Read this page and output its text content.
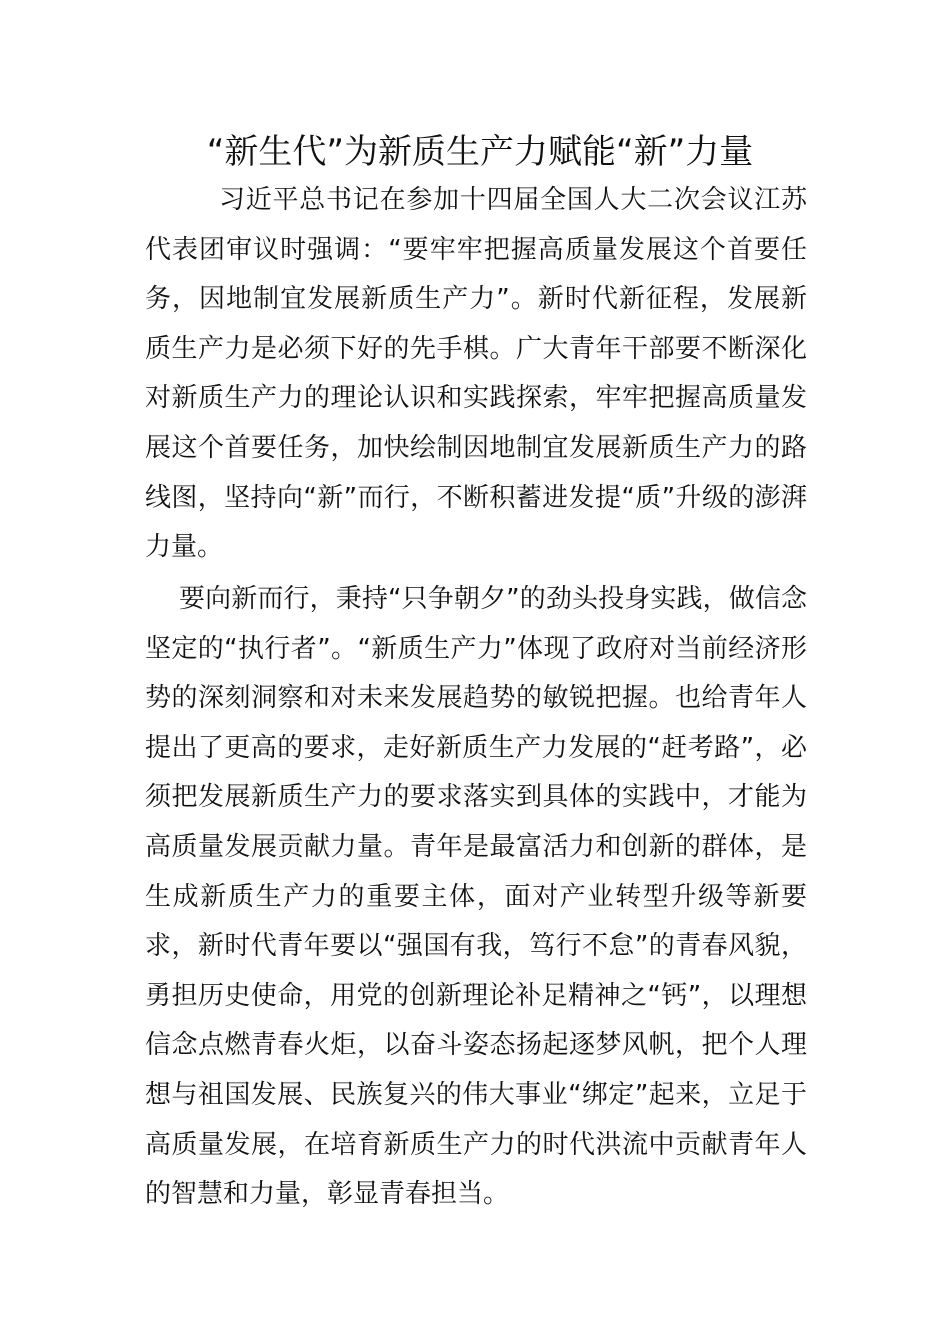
“新生代”为新质生产力赋能“新”力量

习近平总书记在参加十四届全国人大二次会议江苏代表团审议时强调：“要牢牢把握高质量发展这个首要任务，因地制宜发展新质生产力”。新时代新征程，发展新质生产力是必须下好的先手棋。广大青年干部要不断深化对新质生产力的理论认识和实践探索，牢牢把握高质量发展这个首要任务，加快绘制因地制宜发展新质生产力的路线图，坚持向“新”而行，不断积蓄进发提“质”升级的澎湃力量。

要向新而行，秉持“只争朝夕”的劲头投身实践，做信念坚定的“执行者”。“新质生产力”体现了政府对当前经济形势的深刻洞察和对未来发展趋势的敏锐把握。也给青年人提出了更高的要求，走好新质生产力发展的“赶考路”，必须把发展新质生产力的要求落实到具体的实践中，才能为高质量发展贡献力量。青年是最富活力和创新的群体，是生成新质生产力的重要主体，面对产业转型升级等新要求，新时代青年要以“强国有我，笃行不怠”的青春风貌，勇担历史使命，用党的创新理论补足精神之“钙”，以理想信念点燃青春火炬，以奋斗姿态扬起逐梦风帆，把个人理想与祖国发展、民族复兴的伟大事业“绑定”起来，立足于高质量发展，在培育新质生产力的时代洪流中贡献青年人的智慧和力量，彰显青春担当。
